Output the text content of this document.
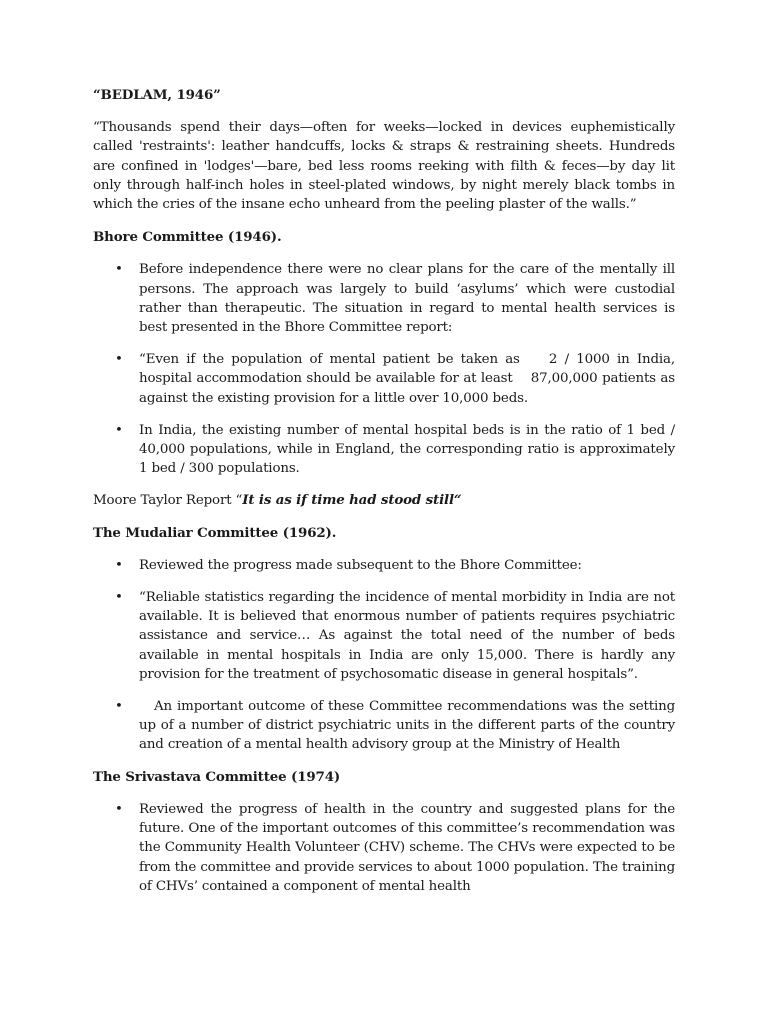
“BEDLAM, 1946”
“Thousands spend their days—often for weeks—locked in devices euphemistically called 'restraints': leather handcuffs, locks & straps & restraining sheets. Hundreds are confined in 'lodges'—bare, bed less rooms reeking with filth & feces—by day lit only through half-inch holes in steel-plated windows, by night merely black tombs in which the cries of the insane echo unheard from the peeling plaster of the walls.”
Bhore Committee (1946).
• Before independence there were no clear plans for the care of the mentally ill persons. The approach was largely to build ‘asylums’ which were custodial rather than therapeutic. The situation in regard to mental health services is best presented in the Bhore Committee report:
• “Even if the population of mental patient be taken as    2 / 1000 in India, hospital accommodation should be available for at least    87,00,000 patients as against the existing provision for a little over 10,000 beds.
• In India, the existing number of mental hospital beds is in the ratio of 1 bed / 40,000 populations, while in England, the corresponding ratio is approximately        1 bed / 300 populations.
Moore Taylor Report “It is as if time had stood still“
The Mudaliar Committee (1962).
• Reviewed the progress made subsequent to the Bhore Committee:
• “Reliable statistics regarding the incidence of mental morbidity in India are not available. It is believed that enormous number of patients requires psychiatric assistance and service… As against the total need of the number of beds available in mental hospitals in India are only 15,000. There is hardly any provision for the treatment of psychosomatic disease in general hospitals”.
• An important outcome of these Committee recommendations was the setting up of a number of district psychiatric units in the different parts of the country and creation of a mental health advisory group at the Ministry of Health
The Srivastava Committee (1974)
• Reviewed the progress of health in the country and suggested plans for the future. One of the important outcomes of this committee’s recommendation was the Community Health Volunteer (CHV) scheme. The CHVs were expected to be from the committee and provide services to about 1000 population. The training of CHVs’ contained a component of mental health
